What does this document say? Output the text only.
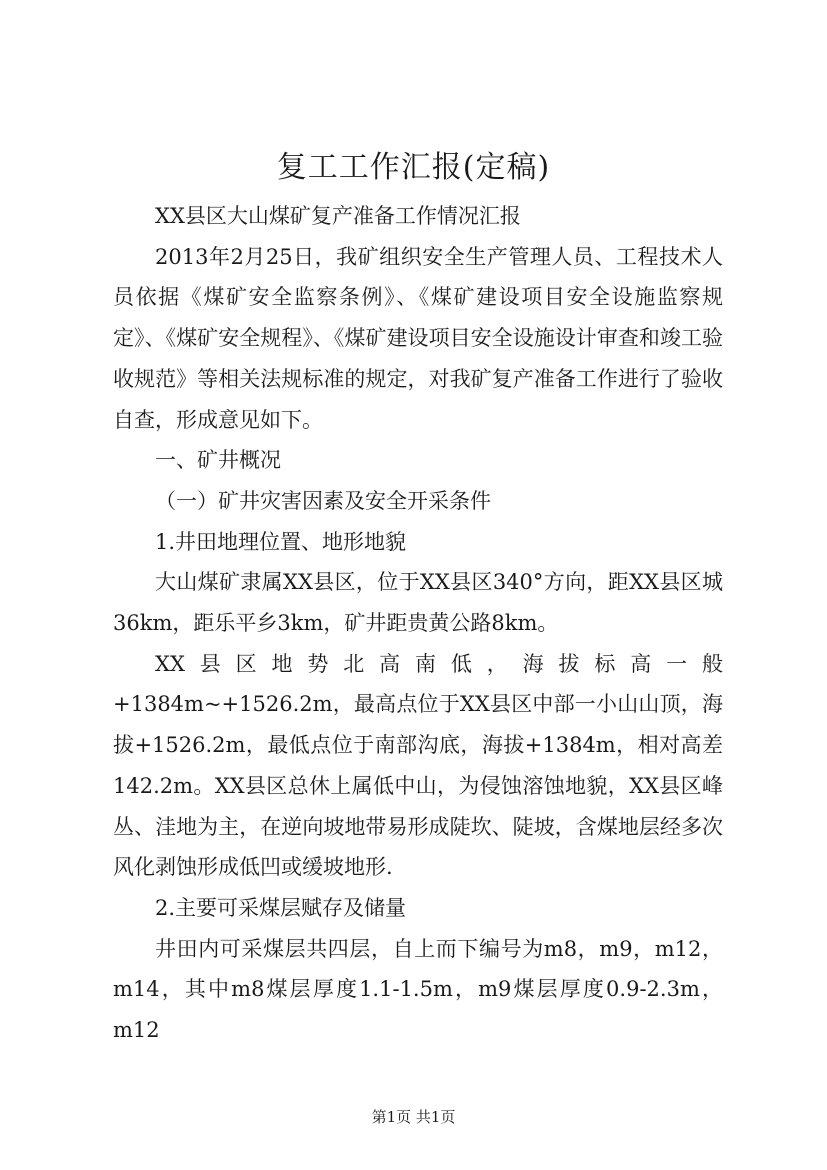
复工工作汇报(定稿)

XX县区大山煤矿复产准备工作情况汇报

2013年2月25日，我矿组织安全生产管理人员、工程技术人员依据《煤矿安全监察条例》、《煤矿建设项目安全设施监察规定》、《煤矿安全规程》、《煤矿建设项目安全设施设计审查和竣工验收规范》等相关法规标准的规定，对我矿复产准备工作进行了验收自查，形成意见如下。

一、矿井概况

（一）矿井灾害因素及安全开采条件

1.井田地理位置、地形地貌

大山煤矿隶属XX县区，位于XX县区340°方向，距XX县区城36km，距乐平乡3km，矿井距贵黄公路8km。

XX县区地势北高南低，海拔标高一般+1384m~+1526.2m，最高点位于XX县区中部一小山山顶，海拔+1526.2m，最低点位于南部沟底，海拔+1384m，相对高差142.2m。XX县区总休上属低中山，为侵蚀溶蚀地貌，XX县区峰丛、洼地为主，在逆向坡地带易形成陡坎、陡坡，含煤地层经多次风化剥蚀形成低凹或缓坡地形.

2.主要可采煤层赋存及储量

井田内可采煤层共四层，自上而下编号为m8，m9，m12，m14，其中m8煤层厚度1.1-1.5m，m9煤层厚度0.9-2.3m，m12

第1页 共1页
